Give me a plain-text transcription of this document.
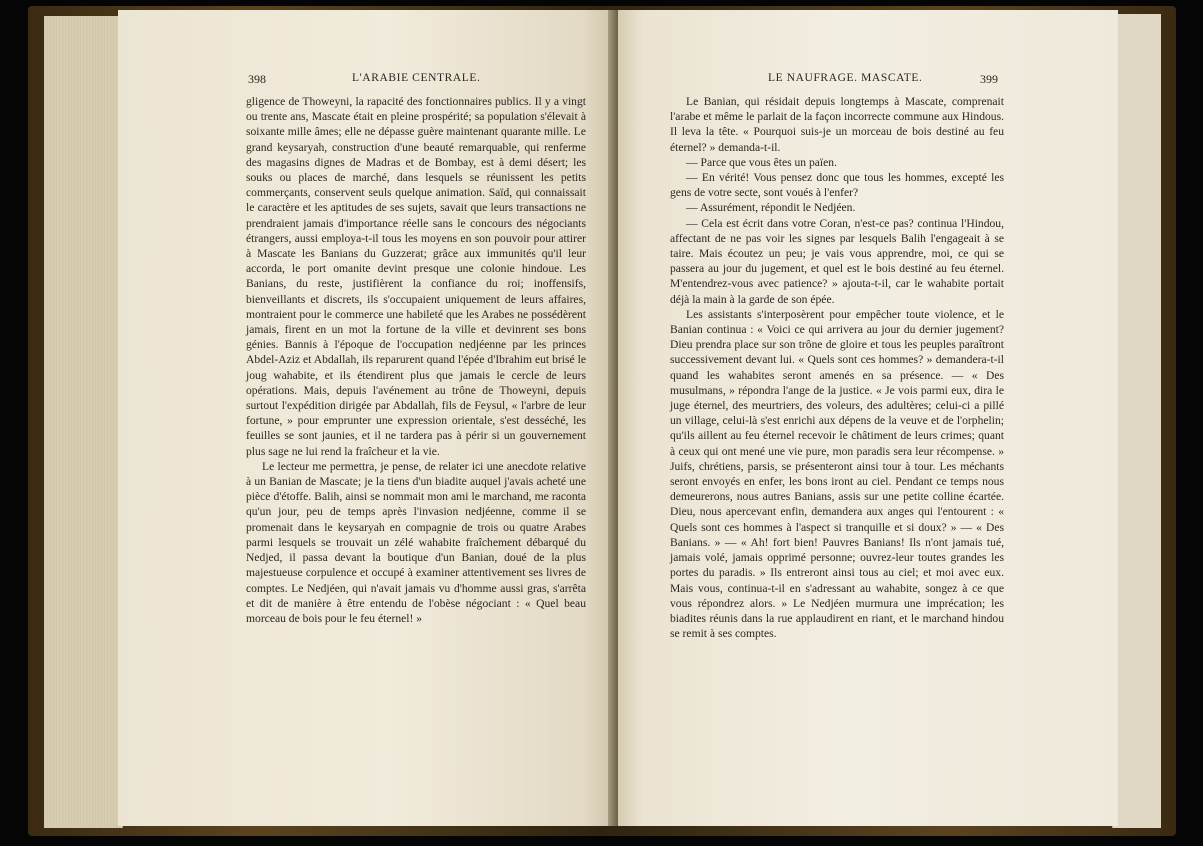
398	L'ARABIE CENTRALE.

gligence de Thoweyni, la rapacité des fonctionnaires publics. Il y a vingt ou trente ans, Mascate était en pleine prospérité; sa population s'élevait à soixante mille âmes; elle ne dépasse guère maintenant quarante mille. Le grand keysaryah, construction d'une beauté remarquable, qui renferme des magasins dignes de Madras et de Bombay, est à demi désert; les souks ou places de marché, dans lesquels se réunissent les petits commerçants, conservent seuls quelque animation. Saïd, qui connaissait le caractère et les aptitudes de ses sujets, savait que leurs transactions ne prendraient jamais d'importance réelle sans le concours des négociants étrangers, aussi employa-t-il tous les moyens en son pouvoir pour attirer à Mascate les Banians du Guzzerat; grâce aux immunités qu'il leur accorda, le port omanite devint presque une colonie hindoue. Les Banians, du reste, justifièrent la confiance du roi; inoffensifs, bienveillants et discrets, ils s'occupaient uniquement de leurs affaires, montraient pour le commerce une habileté que les Arabes ne possédèrent jamais, firent en un mot la fortune de la ville et devinrent ses bons génies. Bannis à l'époque de l'occupation nedjéenne par les princes Abdel-Aziz et Abdallah, ils reparurent quand l'épée d'Ibrahim eut brisé le joug wahabite, et ils étendirent plus que jamais le cercle de leurs opérations. Mais, depuis l'avénement au trône de Thoweyni, depuis surtout l'expédition dirigée par Abdallah, fils de Feysul, « l'arbre de leur fortune, » pour emprunter une expression orientale, s'est desséché, les feuilles se sont jaunies, et il ne tardera pas à périr si un gouvernement plus sage ne lui rend la fraîcheur et la vie.

Le lecteur me permettra, je pense, de relater ici une anecdote relative à un Banian de Mascate; je la tiens d'un biadite auquel j'avais acheté une pièce d'étoffe. Balih, ainsi se nommait mon ami le marchand, me raconta qu'un jour, peu de temps après l'invasion nedjéenne, comme il se promenait dans le keysaryah en compagnie de trois ou quatre Arabes parmi lesquels se trouvait un zélé wahabite fraîchement débarqué du Nedjed, il passa devant la boutique d'un Banian, doué de la plus majestueuse corpulence et occupé à examiner attentivement ses livres de comptes. Le Nedjéen, qui n'avait jamais vu d'homme aussi gras, s'arrêta et dit de manière à être entendu de l'obèse négociant : « Quel beau morceau de bois pour le feu éternel! »

LE NAUFRAGE. MASCATE.	399

Le Banian, qui résidait depuis longtemps à Mascate, comprenait l'arabe et même le parlait de la façon incorrecte commune aux Hindous. Il leva la tête. « Pourquoi suis-je un morceau de bois destiné au feu éternel? » demanda-t-il.

— Parce que vous êtes un païen.

— En vérité! Vous pensez donc que tous les hommes, excepté les gens de votre secte, sont voués à l'enfer?

— Assurément, répondit le Nedjéen.

— Cela est écrit dans votre Coran, n'est-ce pas? continua l'Hindou, affectant de ne pas voir les signes par lesquels Balih l'engageait à se taire. Mais écoutez un peu; je vais vous apprendre, moi, ce qui se passera au jour du jugement, et quel est le bois destiné au feu éternel. M'entendrez-vous avec patience? » ajouta-t-il, car le wahabite portait déjà la main à la garde de son épée.

Les assistants s'interposèrent pour empêcher toute violence, et le Banian continua : « Voici ce qui arrivera au jour du dernier jugement? Dieu prendra place sur son trône de gloire et tous les peuples paraîtront successivement devant lui. « Quels sont ces hommes? » demandera-t-il quand les wahabites seront amenés en sa présence. — « Des musulmans, » répondra l'ange de la justice. « Je vois parmi eux, dira le juge éternel, des meurtriers, des voleurs, des adultères; celui-ci a pillé un village, celui-là s'est enrichi aux dépens de la veuve et de l'orphelin; qu'ils aillent au feu éternel recevoir le châtiment de leurs crimes; quant à ceux qui ont mené une vie pure, mon paradis sera leur récompense. » Juifs, chrétiens, parsis, se présenteront ainsi tour à tour. Les méchants seront envoyés en enfer, les bons iront au ciel. Pendant ce temps nous demeurerons, nous autres Banians, assis sur une petite colline écartée. Dieu, nous apercevant enfin, demandera aux anges qui l'entourent : « Quels sont ces hommes à l'aspect si tranquille et si doux? » — « Des Banians. » — « Ah! fort bien! Pauvres Banians! Ils n'ont jamais tué, jamais volé, jamais opprimé personne; ouvrez-leur toutes grandes les portes du paradis. » Ils entreront ainsi tous au ciel; et moi avec eux. Mais vous, continua-t-il en s'adressant au wahabite, songez à ce que vous répondrez alors. » Le Nedjéen murmura une imprécation; les biadites réunis dans la rue applaudirent en riant, et le marchand hindou se remit à ses comptes.
